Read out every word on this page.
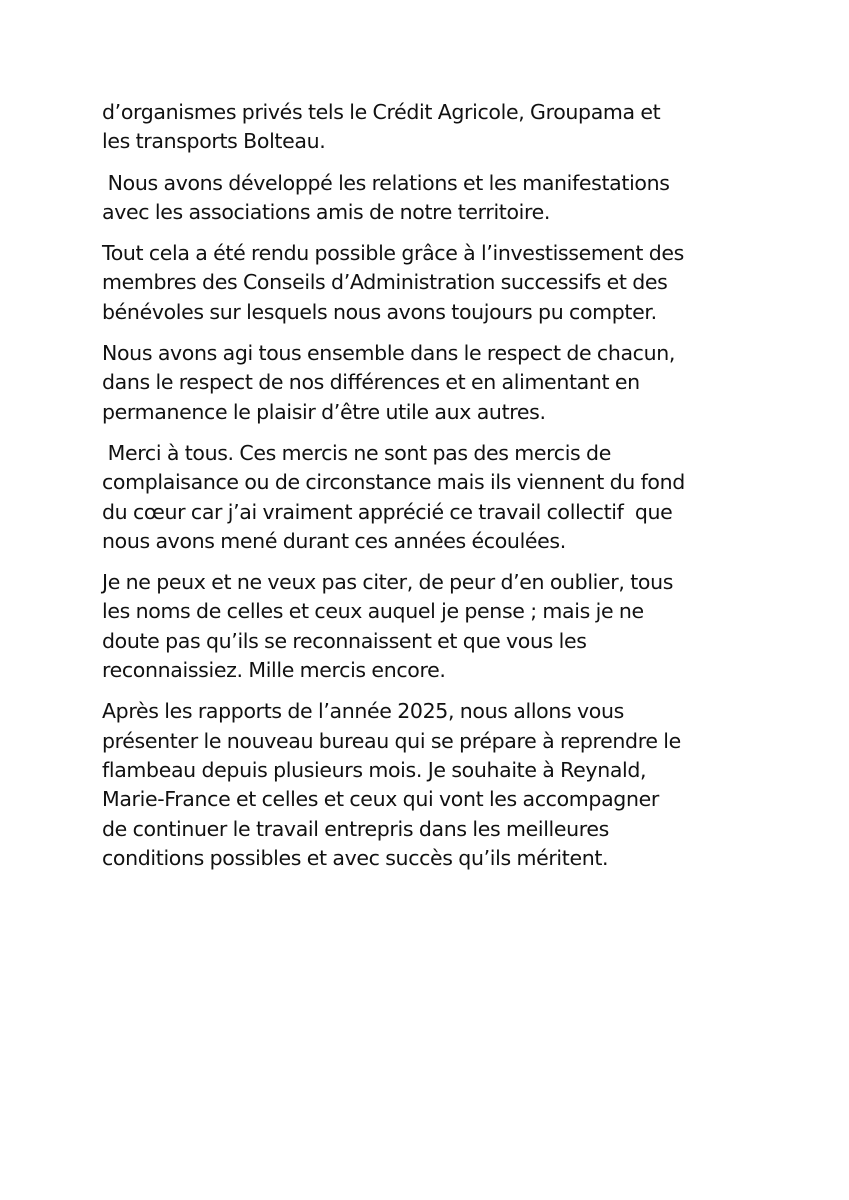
d’organismes privés tels le Crédit Agricole, Groupama et
les transports Bolteau.

Nous avons développé les relations et les manifestations
avec les associations amis de notre territoire.

Tout cela a été rendu possible grâce à l’investissement des
membres des Conseils d’Administration successifs et des
bénévoles sur lesquels nous avons toujours pu compter.

Nous avons agi tous ensemble dans le respect de chacun,
dans le respect de nos différences et en alimentant en
permanence le plaisir d’être utile aux autres.

Merci à tous. Ces mercis ne sont pas des mercis de
complaisance ou de circonstance mais ils viennent du fond
du cœur car j’ai vraiment apprécié ce travail collectif  que
nous avons mené durant ces années écoulées.

Je ne peux et ne veux pas citer, de peur d’en oublier, tous
les noms de celles et ceux auquel je pense ; mais je ne
doute pas qu’ils se reconnaissent et que vous les
reconnaissiez. Mille mercis encore.

Après les rapports de l’année 2025, nous allons vous
présenter le nouveau bureau qui se prépare à reprendre le
flambeau depuis plusieurs mois. Je souhaite à Reynald,
Marie-France et celles et ceux qui vont les accompagner
de continuer le travail entrepris dans les meilleures
conditions possibles et avec succès qu’ils méritent.
